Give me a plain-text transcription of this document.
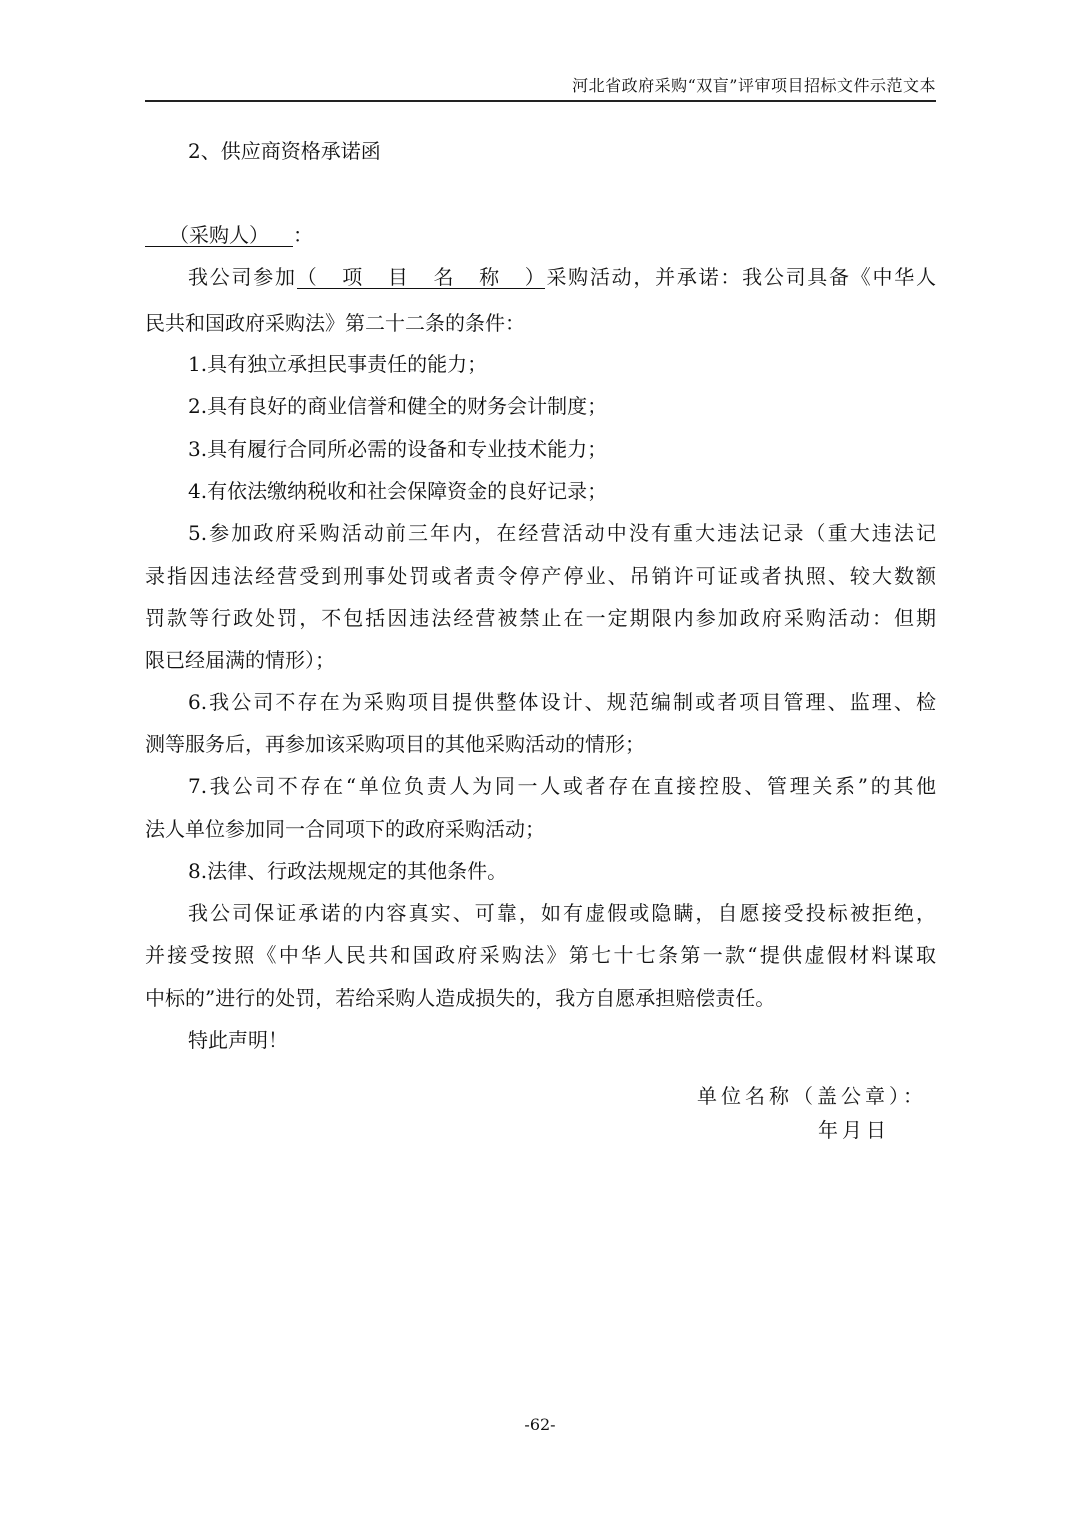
河北省政府采购“双盲”评审项目招标文件示范文本
2、供应商资格承诺函
（采购人） ：
我公司参加（项目名称）采购活动，并承诺：我公司具备《中华人
民共和国政府采购法》第二十二条的条件：
1.具有独立承担民事责任的能力；
2.具有良好的商业信誉和健全的财务会计制度；
3.具有履行合同所必需的设备和专业技术能力；
4.有依法缴纳税收和社会保障资金的良好记录；
5.参加政府采购活动前三年内，在经营活动中没有重大违法记录（重大违法记
录指因违法经营受到刑事处罚或者责令停产停业、吊销许可证或者执照、较大数额
罚款等行政处罚，不包括因违法经营被禁止在一定期限内参加政府采购活动：但期
限已经届满的情形）；
6.我公司不存在为采购项目提供整体设计、规范编制或者项目管理、监理、检
测等服务后，再参加该采购项目的其他采购活动的情形；
7.我公司不存在“单位负责人为同一人或者存在直接控股、管理关系”的其他
法人单位参加同一合同项下的政府采购活动；
8.法律、行政法规规定的其他条件。
我公司保证承诺的内容真实、可靠，如有虚假或隐瞒，自愿接受投标被拒绝，
并接受按照《中华人民共和国政府采购法》第七十七条第一款“提供虚假材料谋取
中标的”进行的处罚，若给采购人造成损失的，我方自愿承担赔偿责任。
特此声明！
单位名称（盖公章）：
年月日
-62-
